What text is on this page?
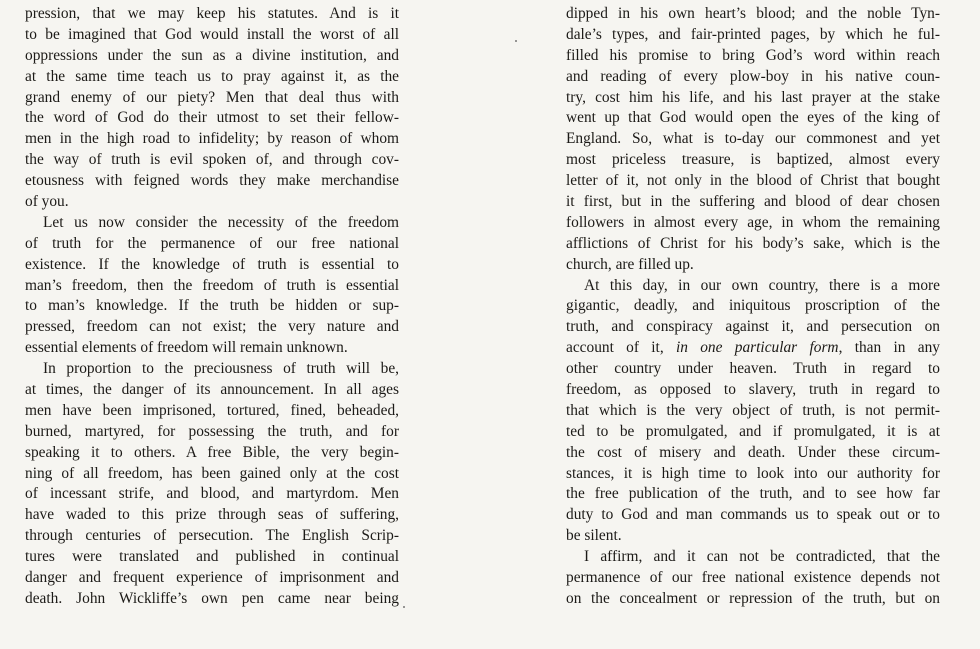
pression, that we may keep his statutes. And is it
to be imagined that God would install the worst of all
oppressions under the sun as a divine institution, and
at the same time teach us to pray against it, as the
grand enemy of our piety? Men that deal thus with
the word of God do their utmost to set their fellow-
men in the high road to infidelity; by reason of whom
the way of truth is evil spoken of, and through cov-
etousness with feigned words they make merchandise
of you.
Let us now consider the necessity of the freedom
of truth for the permanence of our free national
existence. If the knowledge of truth is essential to
man’s freedom, then the freedom of truth is essential
to man’s knowledge. If the truth be hidden or sup-
pressed, freedom can not exist; the very nature and
essential elements of freedom will remain unknown.
In proportion to the preciousness of truth will be,
at times, the danger of its announcement. In all ages
men have been imprisoned, tortured, fined, beheaded,
burned, martyred, for possessing the truth, and for
speaking it to others. A free Bible, the very begin-
ning of all freedom, has been gained only at the cost
of incessant strife, and blood, and martyrdom. Men
have waded to this prize through seas of suffering,
through centuries of persecution. The English Scrip-
tures were translated and published in continual
danger and frequent experience of imprisonment and
death. John Wickliffe’s own pen came near being
dipped in his own heart’s blood; and the noble Tyn-
dale’s types, and fair-printed pages, by which he ful-
filled his promise to bring God’s word within reach
and reading of every plow-boy in his native coun-
try, cost him his life, and his last prayer at the stake
went up that God would open the eyes of the king of
England. So, what is to-day our commonest and yet
most priceless treasure, is baptized, almost every
letter of it, not only in the blood of Christ that bought
it first, but in the suffering and blood of dear chosen
followers in almost every age, in whom the remaining
afflictions of Christ for his body’s sake, which is the
church, are filled up.
At this day, in our own country, there is a more
gigantic, deadly, and iniquitous proscription of the
truth, and conspiracy against it, and persecution on
account of it, in one particular form, than in any
other country under heaven. Truth in regard to
freedom, as opposed to slavery, truth in regard to
that which is the very object of truth, is not permit-
ted to be promulgated, and if promulgated, it is at
the cost of misery and death. Under these circum-
stances, it is high time to look into our authority for
the free publication of the truth, and to see how far
duty to God and man commands us to speak out or to
be silent.
I affirm, and it can not be contradicted, that the
permanence of our free national existence depends not
on the concealment or repression of the truth, but on
